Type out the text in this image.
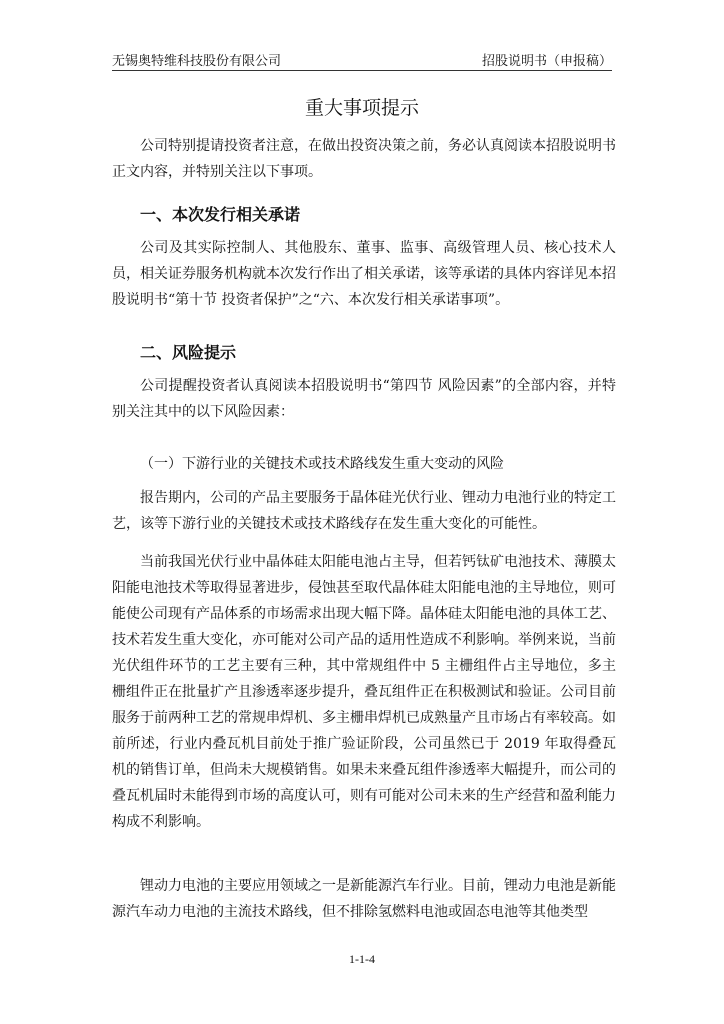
无锡奥特维科技股份有限公司	招股说明书（申报稿）
重大事项提示
公司特别提请投资者注意，在做出投资决策之前，务必认真阅读本招股说明书正文内容，并特别关注以下事项。
一、本次发行相关承诺
公司及其实际控制人、其他股东、董事、监事、高级管理人员、核心技术人员，相关证券服务机构就本次发行作出了相关承诺，该等承诺的具体内容详见本招股说明书“第十节 投资者保护”之“六、本次发行相关承诺事项”。
二、风险提示
公司提醒投资者认真阅读本招股说明书“第四节 风险因素”的全部内容，并特别关注其中的以下风险因素：
（一）下游行业的关键技术或技术路线发生重大变动的风险
报告期内，公司的产品主要服务于晶体硅光伏行业、锂动力电池行业的特定工艺，该等下游行业的关键技术或技术路线存在发生重大变化的可能性。
当前我国光伏行业中晶体硅太阳能电池占主导，但若钙钛矿电池技术、薄膜太阳能电池技术等取得显著进步，侵蚀甚至取代晶体硅太阳能电池的主导地位，则可能使公司现有产品体系的市场需求出现大幅下降。晶体硅太阳能电池的具体工艺、技术若发生重大变化，亦可能对公司产品的适用性造成不利影响。举例来说，当前光伏组件环节的工艺主要有三种，其中常规组件中 5 主栅组件占主导地位，多主栅组件正在批量扩产且渗透率逐步提升，叠瓦组件正在积极测试和验证。公司目前服务于前两种工艺的常规串焊机、多主栅串焊机已成熟量产且市场占有率较高。如前所述，行业内叠瓦机目前处于推广验证阶段，公司虽然已于 2019 年取得叠瓦机的销售订单，但尚未大规模销售。如果未来叠瓦组件渗透率大幅提升，而公司的叠瓦机届时未能得到市场的高度认可，则有可能对公司未来的生产经营和盈利能力构成不利影响。
锂动力电池的主要应用领域之一是新能源汽车行业。目前，锂动力电池是新能源汽车动力电池的主流技术路线，但不排除氢燃料电池或固态电池等其他类型
1-1-4
